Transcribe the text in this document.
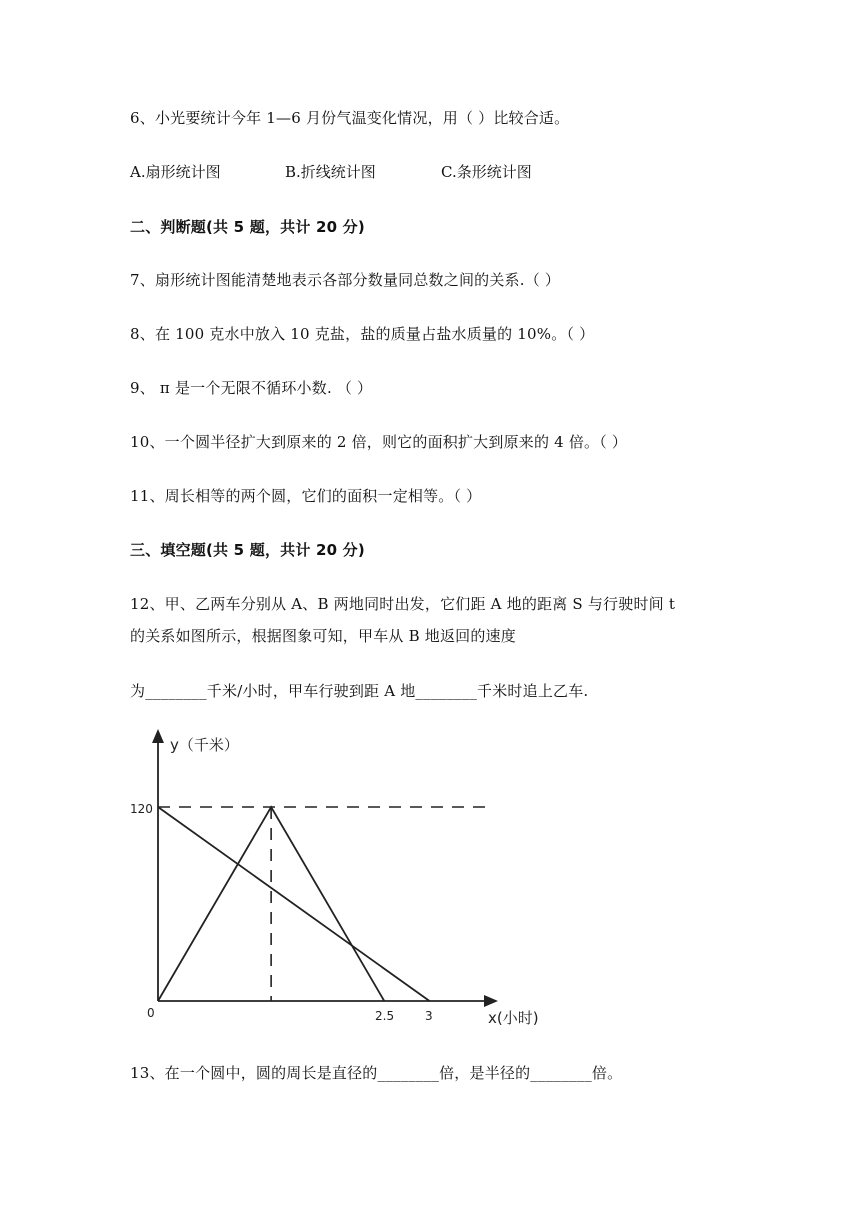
6、小光要统计今年 1—6 月份气温变化情况，用（ ）比较合适。
A.扇形统计图	B.折线统计图	C.条形统计图
二、判断题(共 5 题，共计 20 分)
7、扇形统计图能清楚地表示各部分数量同总数之间的关系.（ ）
8、在 100 克水中放入 10 克盐，盐的质量占盐水质量的 10%。（ ）
9、 π 是一个无限不循环小数. （ ）
10、一个圆半径扩大到原来的 2 倍，则它的面积扩大到原来的 4 倍。（ ）
11、周长相等的两个圆，它们的面积一定相等。（ ）
三、填空题(共 5 题，共计 20 分)
12、甲、乙两车分别从 A、B 两地同时出发，它们距 A 地的距离 S 与行驶时间 t
的关系如图所示，根据图象可知，甲车从 B 地返回的速度
为________千米/小时，甲车行驶到距 A 地________千米时追上乙车.
y（千米）
120
0	2.5	3	x(小时)
13、在一个圆中，圆的周长是直径的________倍，是半径的________倍。
